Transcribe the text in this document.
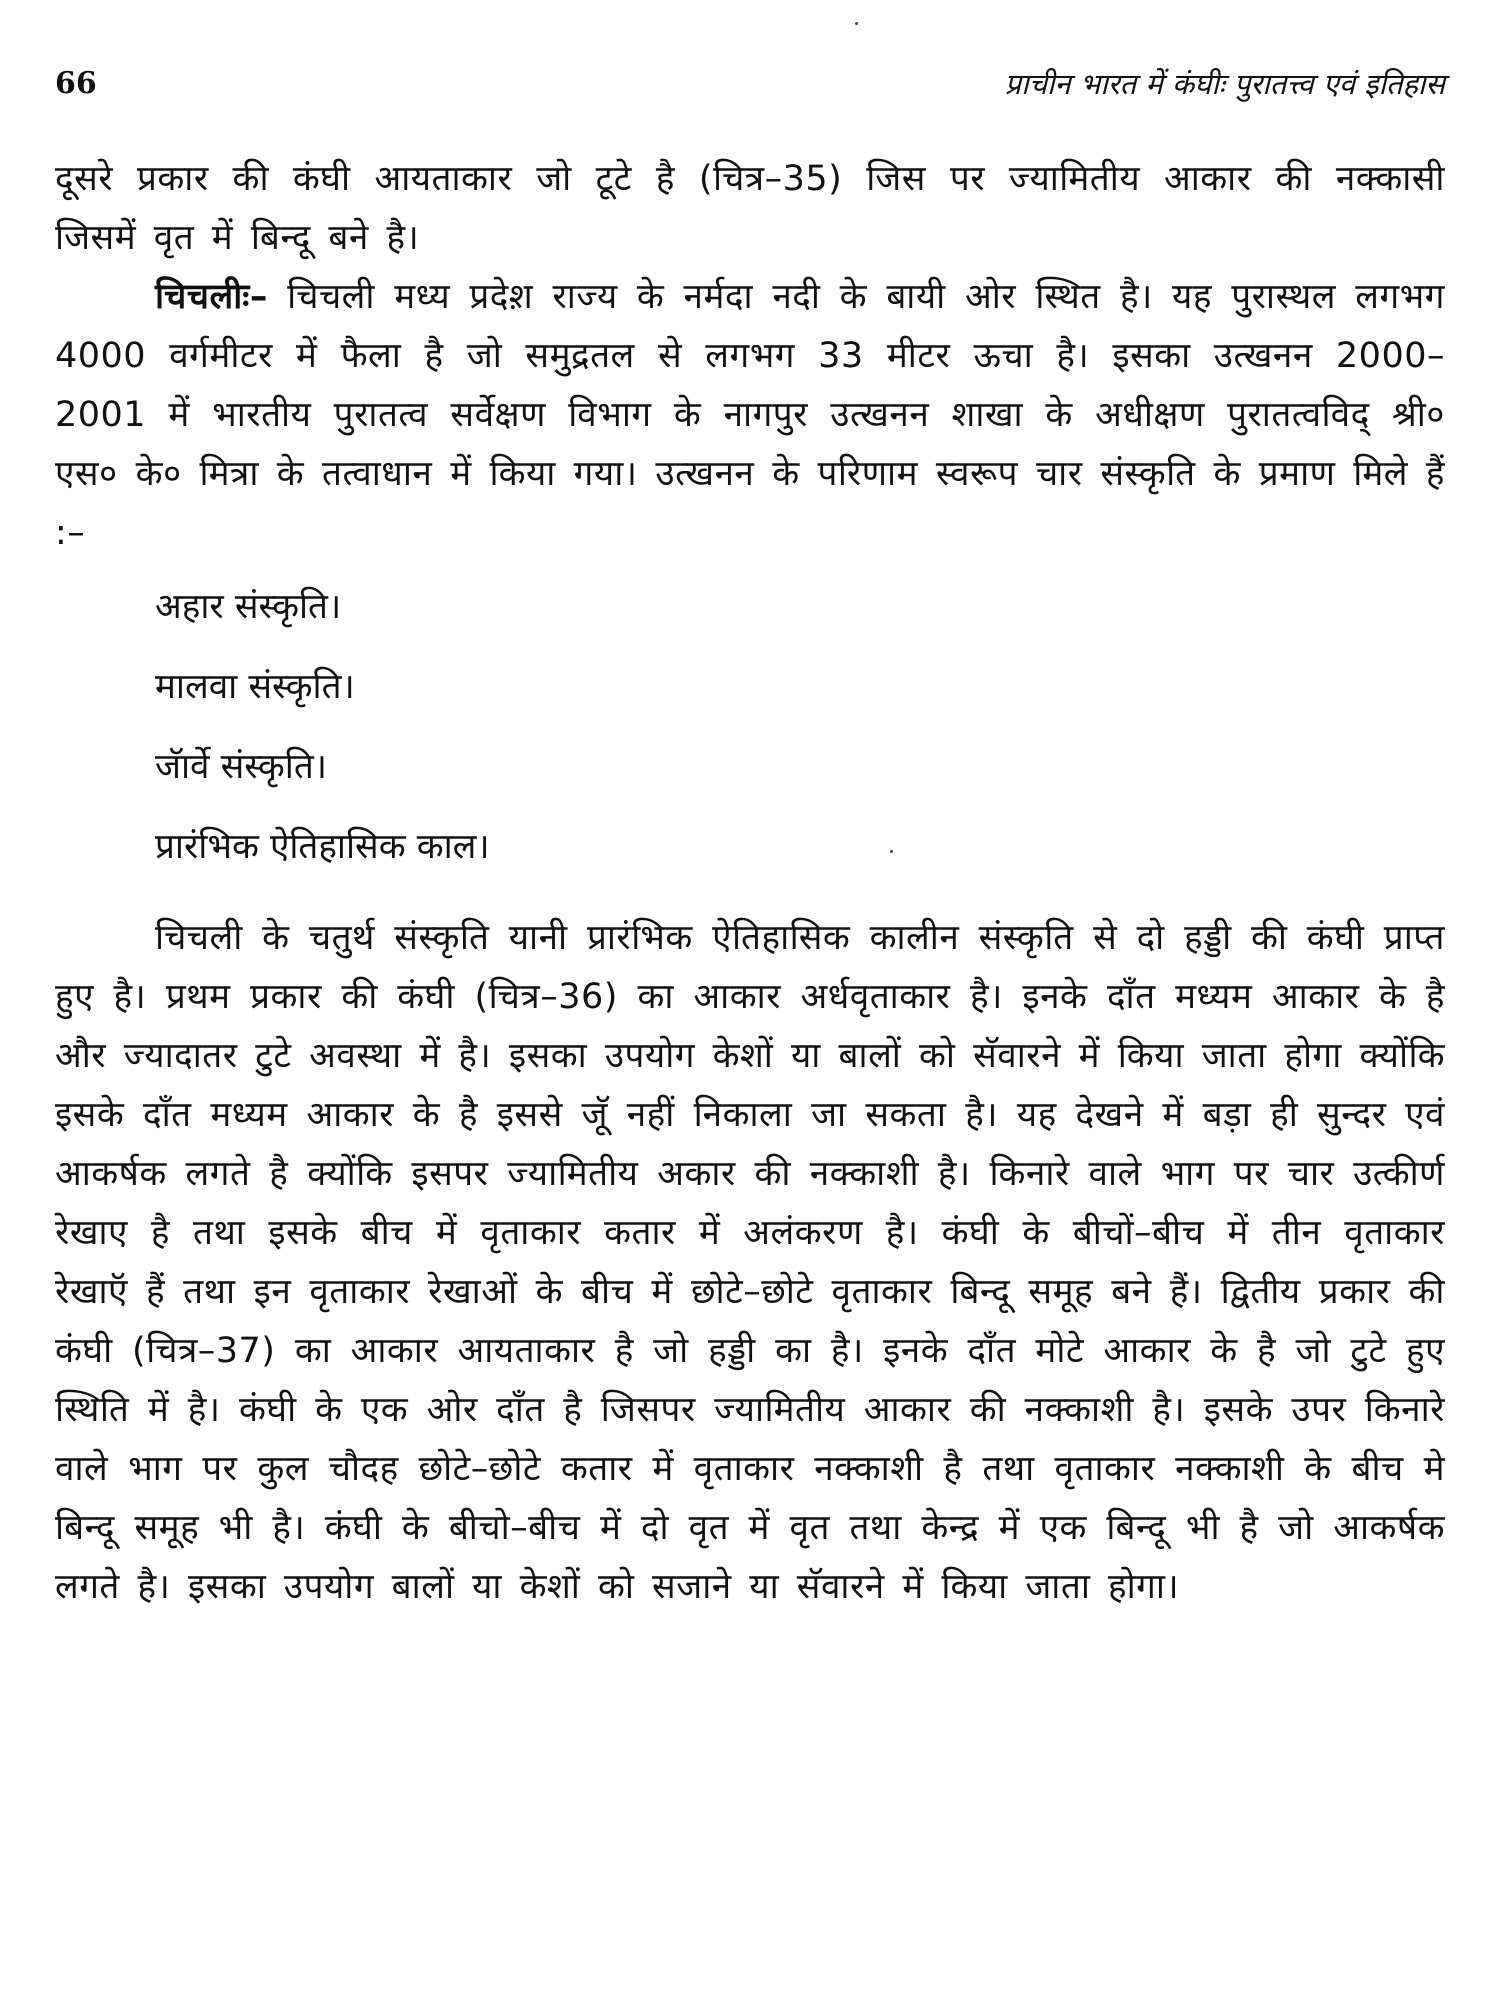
66	प्राचीन भारत में कंघीः पुरातत्त्व एवं इतिहास

दूसरे प्रकार की कंघी आयताकार जो टूटे है (चित्र–35) जिस पर ज्यामितीय आकार की नक्कासी जिसमें वृत में बिन्दू बने है।

चिचलीः– चिचली मध्य प्रदेश़ राज्य के नर्मदा नदी के बायी ओर स्थित है। यह पुरास्थल लगभग 4000 वर्गमीटर में फैला है जो समुद्रतल से लगभग 33 मीटर ऊचा है। इसका उत्खनन 2000–2001 में भारतीय पुरातत्व सर्वेक्षण विभाग के नागपुर उत्खनन शाखा के अधीक्षण पुरातत्वविद् श्री० एस० के० मित्रा के तत्वाधान में किया गया। उत्खनन के परिणाम स्वरूप चार संस्कृति के प्रमाण मिले हैं :–

अहार संस्कृति।
मालवा संस्कृति।
जॅार्वे संस्कृति।
प्रारंभिक ऐतिहासिक काल।

चिचली के चतुर्थ संस्कृति यानी प्रारंभिक ऐतिहासिक कालीन संस्कृति से दो हड्डी की कंघी प्राप्त हुए है। प्रथम प्रकार की कंघी (चित्र–36) का आकार अर्धवृताकार है। इनके दाँत मध्यम आकार के है और ज्यादातर टुटे अवस्था में है। इसका उपयोग केशों या बालों को सॅवारने में किया जाता होगा क्योंकि इसके दाँत मध्यम आकार के है इससे जॅू नहीं निकाला जा सकता है। यह देखने में बड़ा ही सुन्दर एवं आकर्षक लगते है क्योंकि इसपर ज्यामितीय अकार की नक्काशी है। किनारे वाले भाग पर चार उत्कीर्ण रेखाए है तथा इसके बीच में वृताकार कतार में अलंकरण है। कंघी के बीचों–बीच में तीन वृताकार रेखाऍ हैं तथा इन वृताकार रेखाओं के बीच में छोटे–छोटे वृताकार बिन्दू समूह बने हैं। द्वितीय प्रकार की कंघी (चित्र–37) का आकार आयताकार है जो हड्डी का है। इनके दाँत मोटे आकार के है जो टुटे हुए स्थिति में है। कंघी के एक ओर दाँत है जिसपर ज्यामितीय आकार की नक्काशी है। इसके उपर किनारे वाले भाग पर कुल चौदह छोटे–छोटे कतार में वृताकार नक्काशी है तथा वृताकार नक्काशी के बीच मे बिन्दू समूह भी है। कंघी के बीचो–बीच में दो वृत में वृत तथा केन्द्र में एक बिन्दू भी है जो आकर्षक लगते है। इसका उपयोग बालों या केशों को सजाने या सॅवारने में किया जाता होगा।
